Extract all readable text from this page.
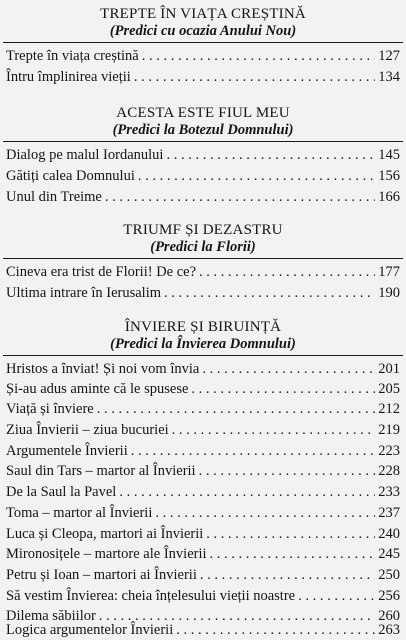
TREPTE ÎN VIAȚA CREȘTINĂ
(Predici cu ocazia Anului Nou)
Trepte în viața creștină . . .	127
Întru împlinirea vieții . . .	134
ACESTA ESTE FIUL MEU
(Predici la Botezul Domnului)
Dialog pe malul Iordanului . . .	145
Gătiți calea Domnului . . .	156
Unul din Treime . . .	166
TRIUMF ȘI DEZASTRU
(Predici la Florii)
Cineva era trist de Florii! De ce? . . .	177
Ultima intrare în Ierusalim . . .	190
ÎNVIERE ȘI BIRUINȚĂ
(Predici la Învierea Domnului)
Hristos a înviat! Și noi vom învia . . .	201
Și-au adus aminte că le spusese . . .	205
Viață și înviere . . .	212
Ziua Învierii – ziua bucuriei . . .	219
Argumentele Învierii . . .	223
Saul din Tars – martor al Învierii . . .	228
De la Saul la Pavel . . .	233
Toma – martor al Învierii . . .	237
Luca și Cleopa, martori ai Învierii . . .	240
Mironosițele – martore ale Învierii . . .	245
Petru și Ioan – martori ai Învierii . . .	250
Să vestim Învierea: cheia înțelesului vieții noastre . . .	256
Dilema săbiilor . . .	260
Logica argumentelor Învierii . . .	263
